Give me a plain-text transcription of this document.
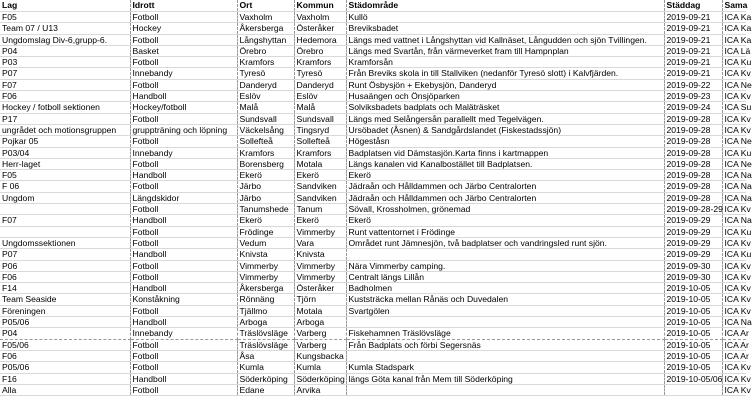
Lag	Idrott	Ort	Kommun	Städområde	Städdag	Sama
F05	Fotboll	Vaxholm	Vaxholm	Kullö	2019-09-21	ICA Ka
Team 07 / U13	Hockey	Åkersberga	Österåker	Breviksbadet	2019-09-21	ICA Ka
Ungdomslag Div-6,grupp-6.	Fotboll	Långshyttan	Hedemora	Längs med vattnet i Långshyttan vid Kallnäset, Långudden och sjön Tvillingen.	2019-09-21	ICA Ka
P04	Basket	Örebro	Örebro	Längs med Svartån, från värmeverket fram till Hampnplan	2019-09-21	ICA Lä
P03	Fotboll	Kramfors	Kramfors	Kramforsån	2019-09-21	ICA Ku
P07	Innebandy	Tyresö	Tyresö	Från Breviks skola in till Stallviken (nedanför Tyresö slott) i Kalvfjärden.	2019-09-21	ICA Kv
F07	Fotboll	Danderyd	Danderyd	Runt Ösbysjön + Ekebysjön, Danderyd	2019-09-22	ICA Ne
F06	Handboll	Eslöv	Eslöv	Husaängen och Önsjöparken	2019-09-23	ICA Kv
Hockey / fotboll sektionen	Hockey/fotboll	Malå	Malå	Solviksbadets badplats och Maläträsket	2019-09-24	ICA Su
P17	Fotboll	Sundsvall	Sundsvall	Längs med Selångersån parallellt med Tegelvägen.	2019-09-28	ICA Kv
ungrådet och motionsgruppen	gruppträning och löpning	Väckelsång	Tingsryd	Ursöbadet (Åsnen) & Sandgårdslandet (Fiskestadssjön)	2019-09-28	ICA Kv
Pojkar 05	Fotboll	Sollefteå	Sollefteå	Högeståsn	2019-09-28	ICA Ne
P03/04	Innebandy	Kramfors	Kramfors	Badplatsen vid Dämstasjön.Karta finns i kartmappen	2019-09-28	ICA Ku
Herr-laget	Fotboll	Borensberg	Motala	Längs kanalen vid Kanalbostället till Badplatsen.	2019-09-28	ICA Ne
F05	Handboll	Ekerö	Ekerö	Ekerö	2019-09-28	ICA Na
F 06	Fotboll	Järbo	Sandviken	Jädraån och Hålldammen och Järbo Centralorten	2019-09-28	ICA Na
Ungdom	Längdskidor	Järbo	Sandviken	Jädraån och Hålldammen och Järbo Centralorten	2019-09-28	ICA Na
	Fotboll	Tanumshede	Tanum	Sövall, Krossholmen, grönemad	2019-09-28-29	ICA Kv
F07	Handboll	Ekerö	Ekerö	Ekerö	2019-09-29	ICA Na
	Fotboll	Frödinge	Vimmerby	Runt vattentornet i Frödinge	2019-09-29	ICA Ku
Ungdomssektionen	Fotboll	Vedum	Vara	Området runt Jämnesjön, två badplatser och vandringsled runt sjön.	2019-09-29	ICA Kv
P07	Handboll	Knivsta	Knivsta		2019-09-29	ICA Ku
P06	Fotboll	Vimmerby	Vimmerby	Nära Vimmerby camping.	2019-09-30	ICA Kv
F06	Fotboll	Vimmerby	Vimmerby	Centralt längs Lillån	2019-09-30	ICA Kv
F14	Handboll	Åkersberga	Österåker	Badholmen	2019-10-05	ICA Kv
Team Seaside	Konståkning	Rönnäng	Tjörn	Kuststräcka mellan Rånäs och Duvedalen	2019-10-05	ICA Kv
Föreningen	Fotboll	Tjällmo	Motala	Svartgölen	2019-10-05	ICA Kv
P05/06	Handboll	Arboga	Arboga		2019-10-05	ICA Na
P04	Innebandy	Träslövsläge	Varberg	Fiskehamnen Träslövsläge	2019-10-05	ICA Ar
F05/06	Fotboll	Träslövsläge	Varberg	Från Badplats och förbi Segersnäs	2019-10-05	ICA Ar
F06	Fotboll	Åsa	Kungsbacka		2019-10-05	ICA Ar
P05/06	Fotboll	Kumla	Kumla	Kumla Stadspark	2019-10-05	ICA Kv
F16	Handboll	Söderköping	Söderköping	längs Göta kanal från Mem till Söderköping	2019-10-05/06	ICA Kv
Alla	Fotboll	Edane	Arvika			ICA Kv
